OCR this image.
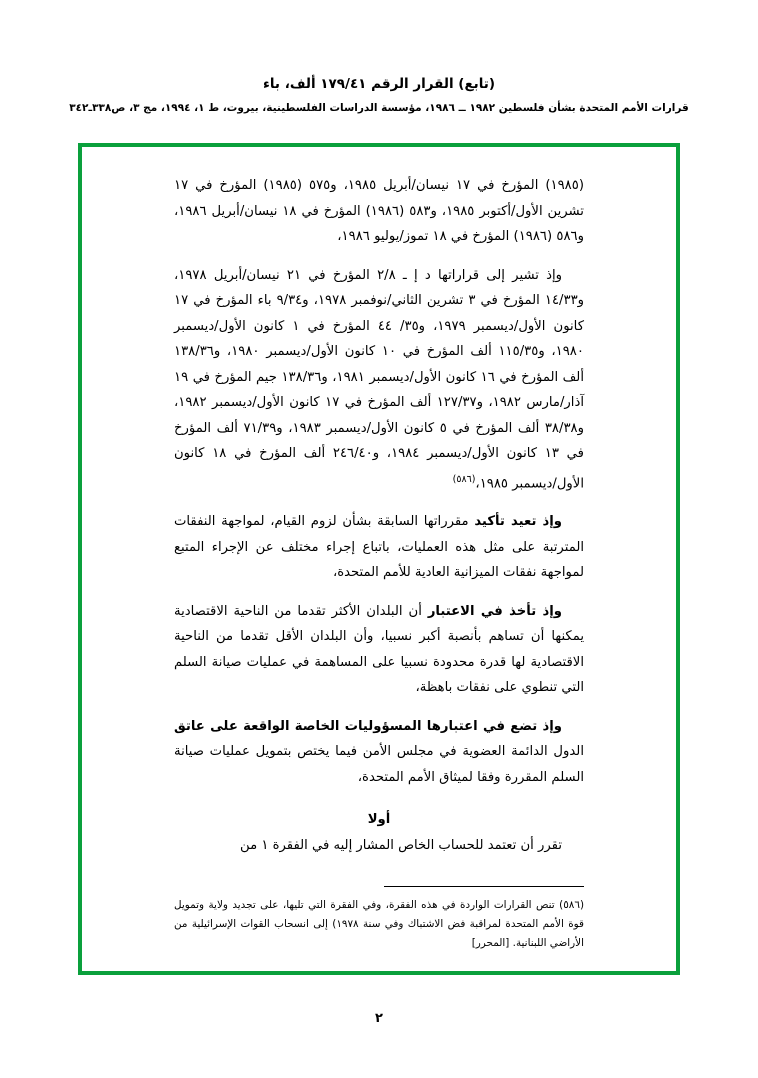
(تابع) القرار الرقم ١٧٩/٤١ ألف، باء
قرارات الأمم المتحدة بشأن فلسطين ١٩٨٢ ــ ١٩٨٦، مؤسسة الدراسات الفلسطينية، بيروت، ط ١، ١٩٩٤، مج ٣، ص٣٣٨ـ٣٤٢

(١٩٨٥) المؤرخ في ١٧ نيسان/أبريل ١٩٨٥، و٥٧٥ (١٩٨٥) المؤرخ في ١٧ تشرين الأول/أكتوبر ١٩٨٥، و٥٨٣ (١٩٨٦) المؤرخ في ١٨ نيسان/أبريل ١٩٨٦، و٥٨٦ (١٩٨٦) المؤرخ في ١٨ تموز/يوليو ١٩٨٦،

وإذ تشير إلى قراراتها د إ ـ ٢/٨ المؤرخ في ٢١ نيسان/أبريل ١٩٧٨، و١٤/٣٣ المؤرخ في ٣ تشرين الثاني/نوفمبر ١٩٧٨، و٩/٣٤ باء المؤرخ في ١٧ كانون الأول/ديسمبر ١٩٧٩، و٣٥/ ٤٤ المؤرخ في ١ كانون الأول/ديسمبر ١٩٨٠، و١١٥/٣٥ ألف المؤرخ في ١٠ كانون الأول/ديسمبر ١٩٨٠، و١٣٨/٣٦ ألف المؤرخ في ١٦ كانون الأول/ديسمبر ١٩٨١، و١٣٨/٣٦ جيم المؤرخ في ١٩ آذار/مارس ١٩٨٢، و١٢٧/٣٧ ألف المؤرخ في ١٧ كانون الأول/ديسمبر ١٩٨٢، و٣٨/٣٨ ألف المؤرخ في ٥ كانون الأول/ديسمبر ١٩٨٣، و٧١/٣٩ ألف المؤرخ في ١٣ كانون الأول/ديسمبر ١٩٨٤، و٢٤٦/٤٠ ألف المؤرخ في ١٨ كانون الأول/ديسمبر ١٩٨٥،$^{(٥٨٦)}$

وإذ تعيد تأكيد مقرراتها السابقة بشأن لزوم القيام، لمواجهة النفقات المترتبة على مثل هذه العمليات، باتباع إجراء مختلف عن الإجراء المتبع لمواجهة نفقات الميزانية العادية للأمم المتحدة،

وإذ تأخذ في الاعتبار أن البلدان الأكثر تقدما من الناحية الاقتصادية يمكنها أن تساهم بأنصبة أكبر نسبيا، وأن البلدان الأقل تقدما من الناحية الاقتصادية لها قدرة محدودة نسبيا على المساهمة في عمليات صيانة السلم التي تنطوي على نفقات باهظة،

وإذ تضع في اعتبارها المسؤوليات الخاصة الواقعة على عاتق الدول الدائمة العضوية في مجلس الأمن فيما يختص بتمويل عمليات صيانة السلم المقررة وفقا لميثاق الأمم المتحدة،

أولا

تقرر أن تعتمد للحساب الخاص المشار إليه في الفقرة ١ من

(٥٨٦) تنص القرارات الواردة في هذه الفقرة، وفي الفقرة التي تليها، على تجديد ولاية وتمويل قوة الأمم المتحدة لمراقبة فض الاشتباك وفي سنة ١٩٧٨) إلى انسحاب القوات الإسرائيلية من الأراضي اللبنانية. [المحرر]
٢
